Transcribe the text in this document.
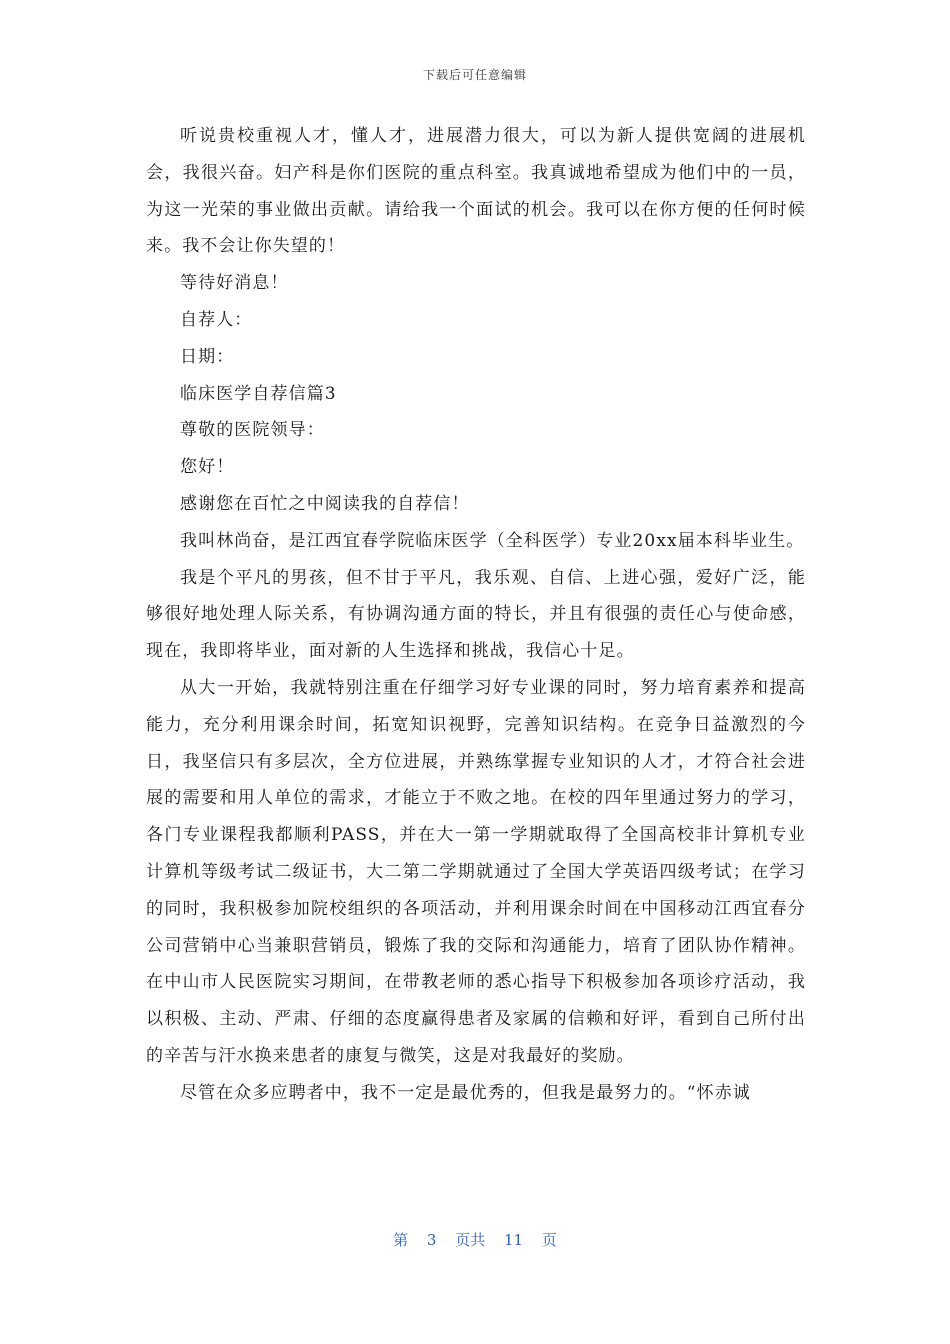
下载后可任意编辑

听说贵校重视人才，懂人才，进展潜力很大，可以为新人提供宽阔的进展机会，我很兴奋。妇产科是你们医院的重点科室。我真诚地希望成为他们中的一员，为这一光荣的事业做出贡献。请给我一个面试的机会。我可以在你方便的任何时候来。我不会让你失望的！

等待好消息！

自荐人：

日期：

临床医学自荐信篇3

尊敬的医院领导：

您好！

感谢您在百忙之中阅读我的自荐信！

我叫林尚奋，是江西宜春学院临床医学（全科医学）专业20xx届本科毕业生。

我是个平凡的男孩，但不甘于平凡，我乐观、自信、上进心强，爱好广泛，能够很好地处理人际关系，有协调沟通方面的特长，并且有很强的责任心与使命感，现在，我即将毕业，面对新的人生选择和挑战，我信心十足。

从大一开始，我就特别注重在仔细学习好专业课的同时，努力培育素养和提高能力，充分利用课余时间，拓宽知识视野，完善知识结构。在竞争日益激烈的今日，我坚信只有多层次，全方位进展，并熟练掌握专业知识的人才，才符合社会进展的需要和用人单位的需求，才能立于不败之地。在校的四年里通过努力的学习，各门专业课程我都顺利PASS，并在大一第一学期就取得了全国高校非计算机专业计算机等级考试二级证书，大二第二学期就通过了全国大学英语四级考试；在学习的同时，我积极参加院校组织的各项活动，并利用课余时间在中国移动江西宜春分公司营销中心当兼职营销员，锻炼了我的交际和沟通能力，培育了团队协作精神。在中山市人民医院实习期间，在带教老师的悉心指导下积极参加各项诊疗活动，我以积极、主动、严肃、仔细的态度赢得患者及家属的信赖和好评，看到自己所付出的辛苦与汗水换来患者的康复与微笑，这是对我最好的奖励。

尽管在众多应聘者中，我不一定是最优秀的，但我是最努力的。“怀赤诚

第 3 页共 11 页
